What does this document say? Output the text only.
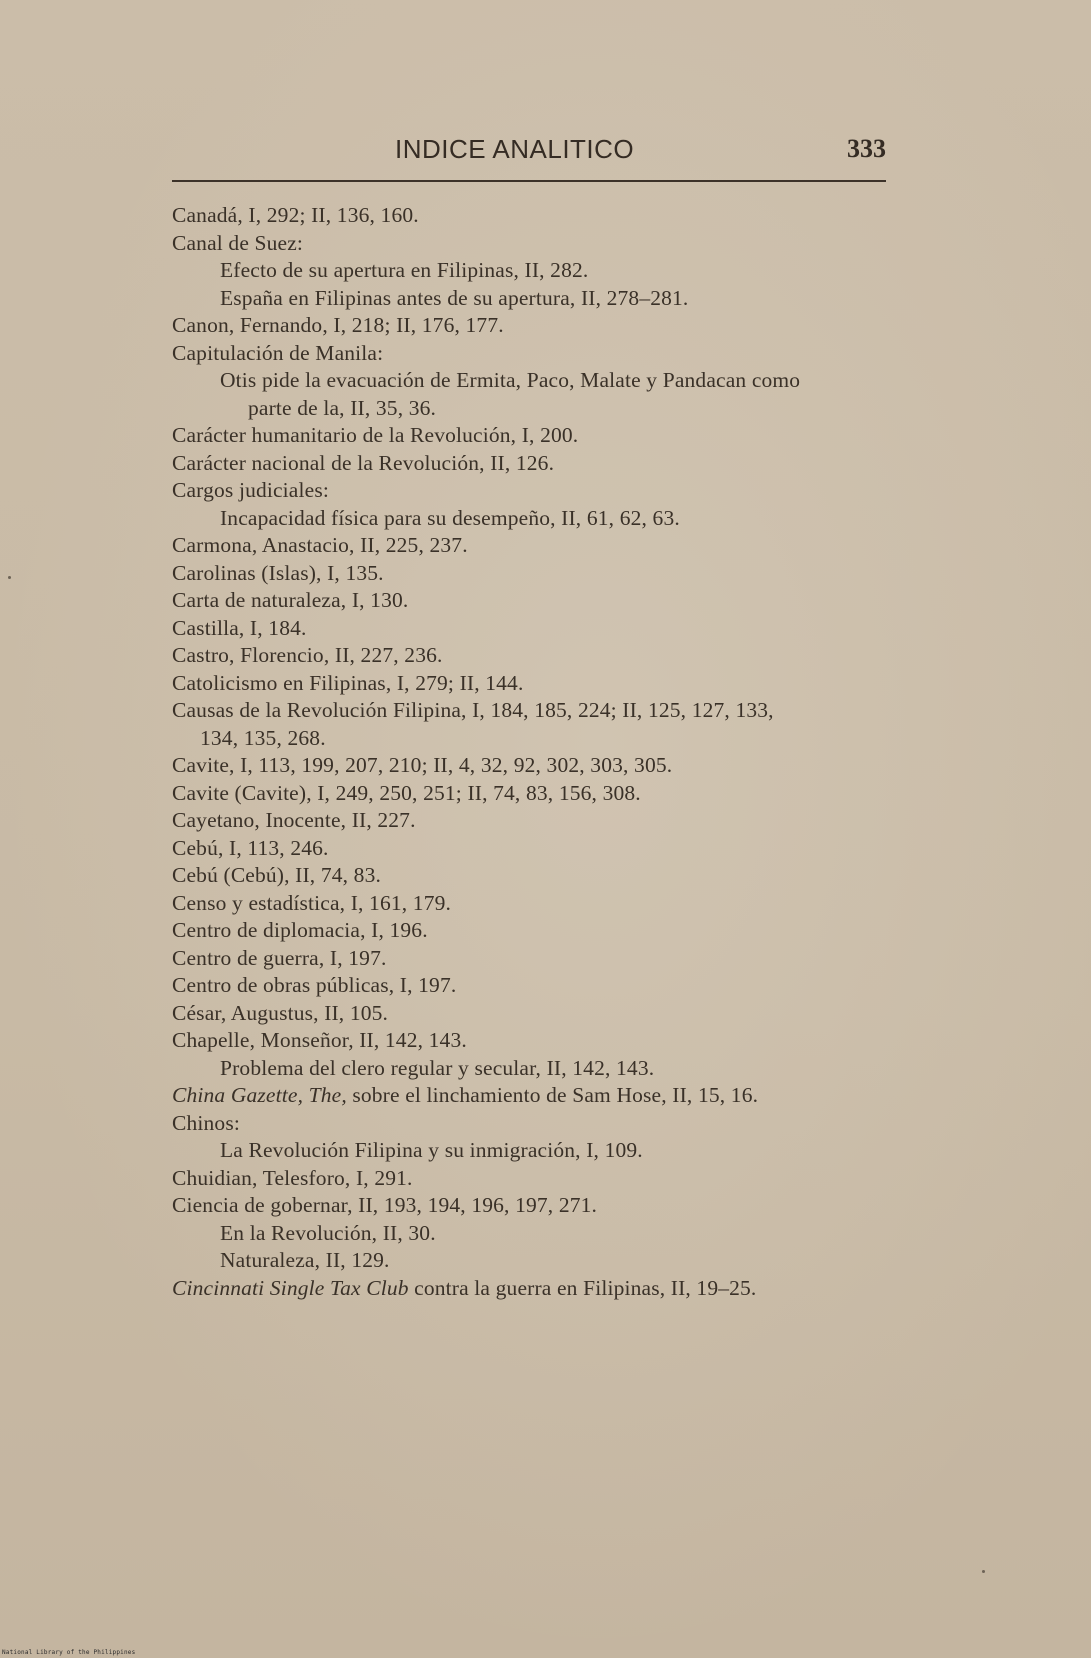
INDICE ANALITICO	333
Canadá, I, 292; II, 136, 160.
Canal de Suez:
Efecto de su apertura en Filipinas, II, 282.
España en Filipinas antes de su apertura, II, 278–281.
Canon, Fernando, I, 218; II, 176, 177.
Capitulación de Manila:
Otis pide la evacuación de Ermita, Paco, Malate y Pandacan como
parte de la, II, 35, 36.
Carácter humanitario de la Revolución, I, 200.
Carácter nacional de la Revolución, II, 126.
Cargos judiciales:
Incapacidad física para su desempeño, II, 61, 62, 63.
Carmona, Anastacio, II, 225, 237.
Carolinas (Islas), I, 135.
Carta de naturaleza, I, 130.
Castilla, I, 184.
Castro, Florencio, II, 227, 236.
Catolicismo en Filipinas, I, 279; II, 144.
Causas de la Revolución Filipina, I, 184, 185, 224; II, 125, 127, 133,
134, 135, 268.
Cavite, I, 113, 199, 207, 210; II, 4, 32, 92, 302, 303, 305.
Cavite (Cavite), I, 249, 250, 251; II, 74, 83, 156, 308.
Cayetano, Inocente, II, 227.
Cebú, I, 113, 246.
Cebú (Cebú), II, 74, 83.
Censo y estadística, I, 161, 179.
Centro de diplomacia, I, 196.
Centro de guerra, I, 197.
Centro de obras públicas, I, 197.
César, Augustus, II, 105.
Chapelle, Monseñor, II, 142, 143.
Problema del clero regular y secular, II, 142, 143.
China Gazette, The, sobre el linchamiento de Sam Hose, II, 15, 16.
Chinos:
La Revolución Filipina y su inmigración, I, 109.
Chuidian, Telesforo, I, 291.
Ciencia de gobernar, II, 193, 194, 196, 197, 271.
En la Revolución, II, 30.
Naturaleza, II, 129.
Cincinnati Single Tax Club contra la guerra en Filipinas, II, 19–25.
National Library of the Philippines
